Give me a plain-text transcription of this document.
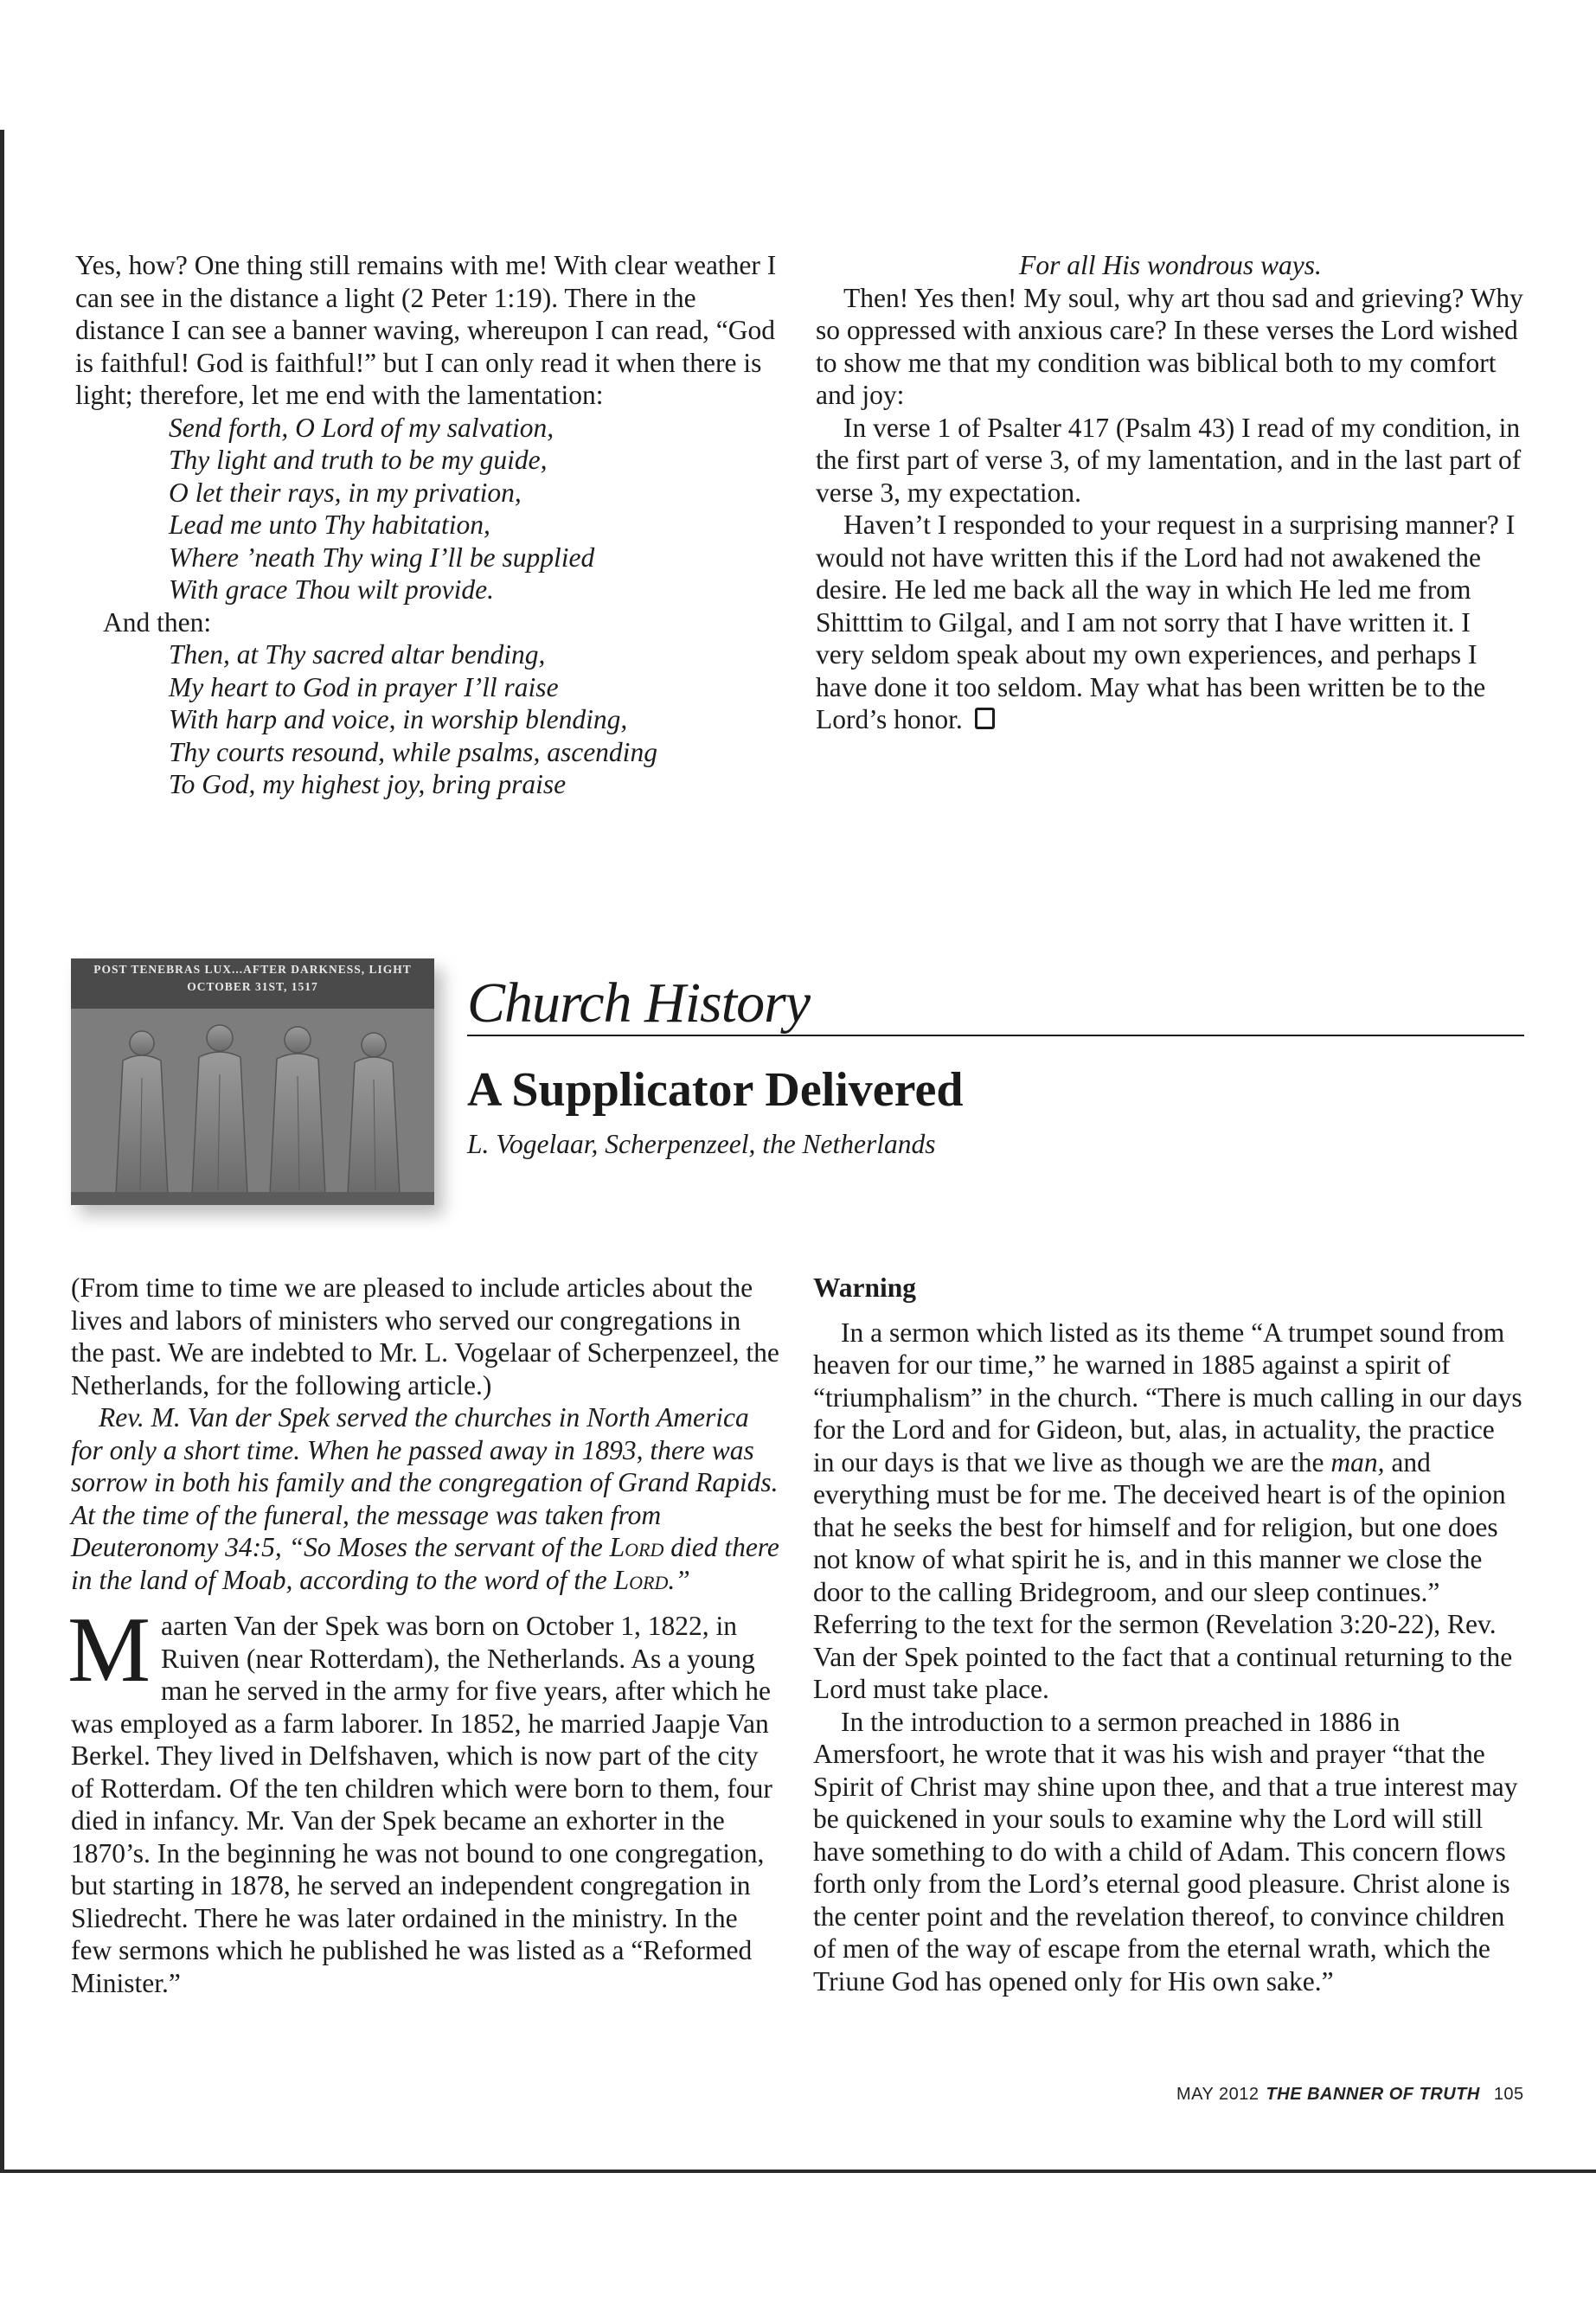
Yes, how? One thing still remains with me! With clear weather I can see in the distance a light (2 Peter 1:19). There in the distance I can see a banner waving, whereupon I can read, “God is faithful! God is faithful!” but I can only read it when there is light; therefore, let me end with the lamentation:

Send forth, O Lord of my salvation,
Thy light and truth to be my guide,
O let their rays, in my privation,
Lead me unto Thy habitation,
Where ’neath Thy wing I’ll be supplied
With grace Thou wilt provide.

And then:

Then, at Thy sacred altar bending,
My heart to God in prayer I’ll raise
With harp and voice, in worship blending,
Thy courts resound, while psalms, ascending
To God, my highest joy, bring praise

For all His wondrous ways.

Then! Yes then! My soul, why art thou sad and grieving? Why so oppressed with anxious care? In these verses the Lord wished to show me that my condition was biblical both to my comfort and joy:

In verse 1 of Psalter 417 (Psalm 43) I read of my condition, in the first part of verse 3, of my lamentation, and in the last part of verse 3, my expectation.

Haven’t I responded to your request in a surprising manner? I would not have written this if the Lord had not awakened the desire. He led me back all the way in which He led me from Shitttim to Gilgal, and I am not sorry that I have written it. I very seldom speak about my own experiences, and perhaps I have done it too seldom. May what has been written be to the Lord’s honor.

POST TENEBRAS LUX...AFTER DARKNESS, LIGHT
OCTOBER 31ST, 1517	Church History
A Supplicator Delivered
L. Vogelaar, Scherpenzeel, the Netherlands

(From time to time we are pleased to include articles about the lives and labors of ministers who served our congregations in the past. We are indebted to Mr. L. Vogelaar of Scherpenzeel, the Netherlands, for the following article.)

Rev. M. Van der Spek served the churches in North America for only a short time. When he passed away in 1893, there was sorrow in both his family and the congregation of Grand Rapids. At the time of the funeral, the message was taken from Deuteronomy 34:5, “So Moses the servant of the Lord died there in the land of Moab, according to the word of the Lord.”

Maarten Van der Spek was born on October 1, 1822, in Ruiven (near Rotterdam), the Netherlands. As a young man he served in the army for five years, after which he was employed as a farm laborer. In 1852, he married Jaapje Van Berkel. They lived in Delfshaven, which is now part of the city of Rotterdam. Of the ten children which were born to them, four died in infancy. Mr. Van der Spek became an exhorter in the 1870’s. In the beginning he was not bound to one congregation, but starting in 1878, he served an independent congregation in Sliedrecht. There he was later ordained in the ministry. In the few sermons which he published he was listed as a “Reformed Minister.”

Warning

In a sermon which listed as its theme “A trumpet sound from heaven for our time,” he warned in 1885 against a spirit of “triumphalism” in the church. “There is much calling in our days for the Lord and for Gideon, but, alas, in actuality, the practice in our days is that we live as though we are the man, and everything must be for me. The deceived heart is of the opinion that he seeks the best for himself and for religion, but one does not know of what spirit he is, and in this manner we close the door to the calling Bridegroom, and our sleep continues.” Referring to the text for the sermon (Revelation 3:20-22), Rev. Van der Spek pointed to the fact that a continual returning to the Lord must take place.

In the introduction to a sermon preached in 1886 in Amersfoort, he wrote that it was his wish and prayer “that the Spirit of Christ may shine upon thee, and that a true interest may be quickened in your souls to examine why the Lord will still have something to do with a child of Adam. This concern flows forth only from the Lord’s eternal good pleasure. Christ alone is the center point and the revelation thereof, to convince children of men of the way of escape from the eternal wrath, which the Triune God has opened only for His own sake.”

MAY 2012 THE BANNER OF TRUTH 105
